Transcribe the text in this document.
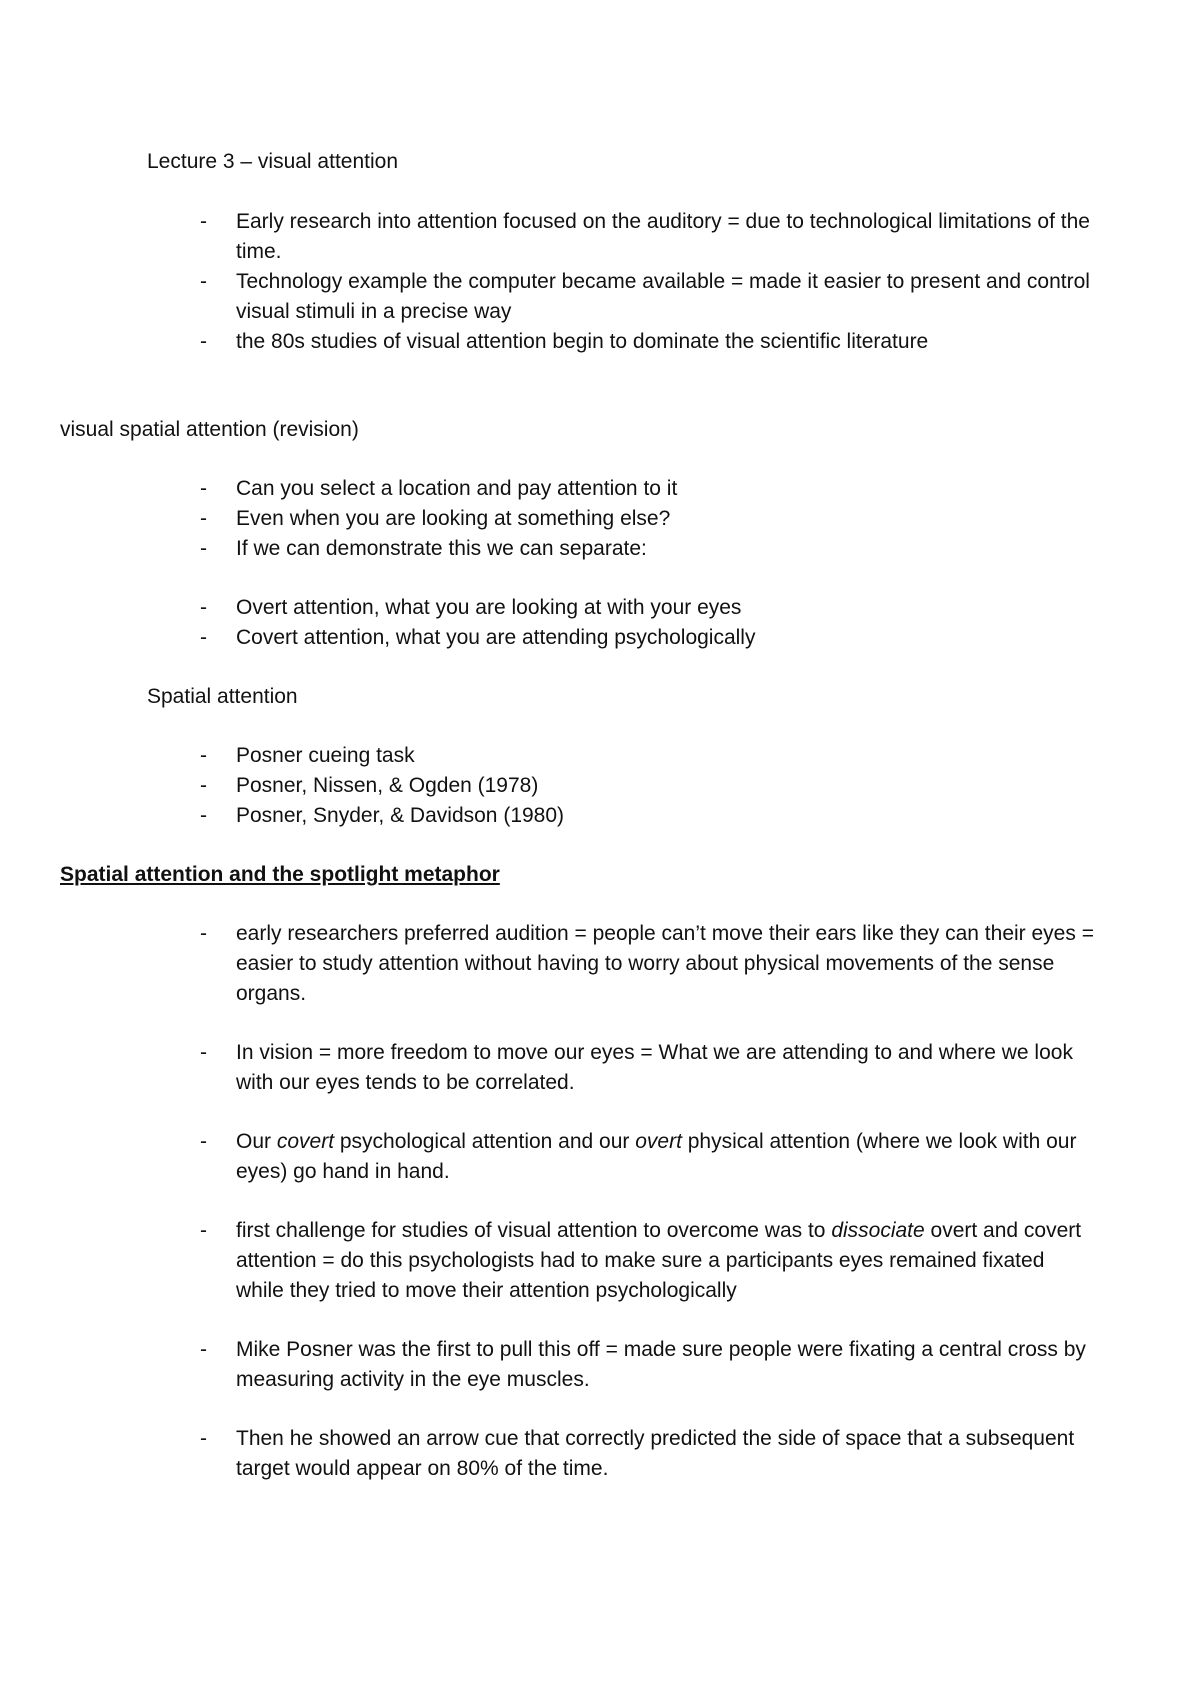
Lecture 3 – visual attention
- Early research into attention focused on the auditory = due to technological limitations of the time.
- Technology example the computer became available = made it easier to present and control visual stimuli in a precise way
- the 80s studies of visual attention begin to dominate the scientific literature
visual spatial attention (revision)
- Can you select a location and pay attention to it
- Even when you are looking at something else?
- If we can demonstrate this we can separate:
- Overt attention, what you are looking at with your eyes
- Covert attention, what you are attending psychologically
Spatial attention
- Posner cueing task
- Posner, Nissen, & Ogden (1978)
- Posner, Snyder, & Davidson (1980)
Spatial attention and the spotlight metaphor
- early researchers preferred audition = people can’t move their ears like they can their eyes = easier to study attention without having to worry about physical movements of the sense organs.
- In vision = more freedom to move our eyes = What we are attending to and where we look with our eyes tends to be correlated.
- Our covert psychological attention and our overt physical attention (where we look with our eyes) go hand in hand.
- first challenge for studies of visual attention to overcome was to dissociate overt and covert attention = do this psychologists had to make sure a participants eyes remained fixated while they tried to move their attention psychologically
- Mike Posner was the first to pull this off = made sure people were fixating a central cross by measuring activity in the eye muscles.
- Then he showed an arrow cue that correctly predicted the side of space that a subsequent target would appear on 80% of the time.
